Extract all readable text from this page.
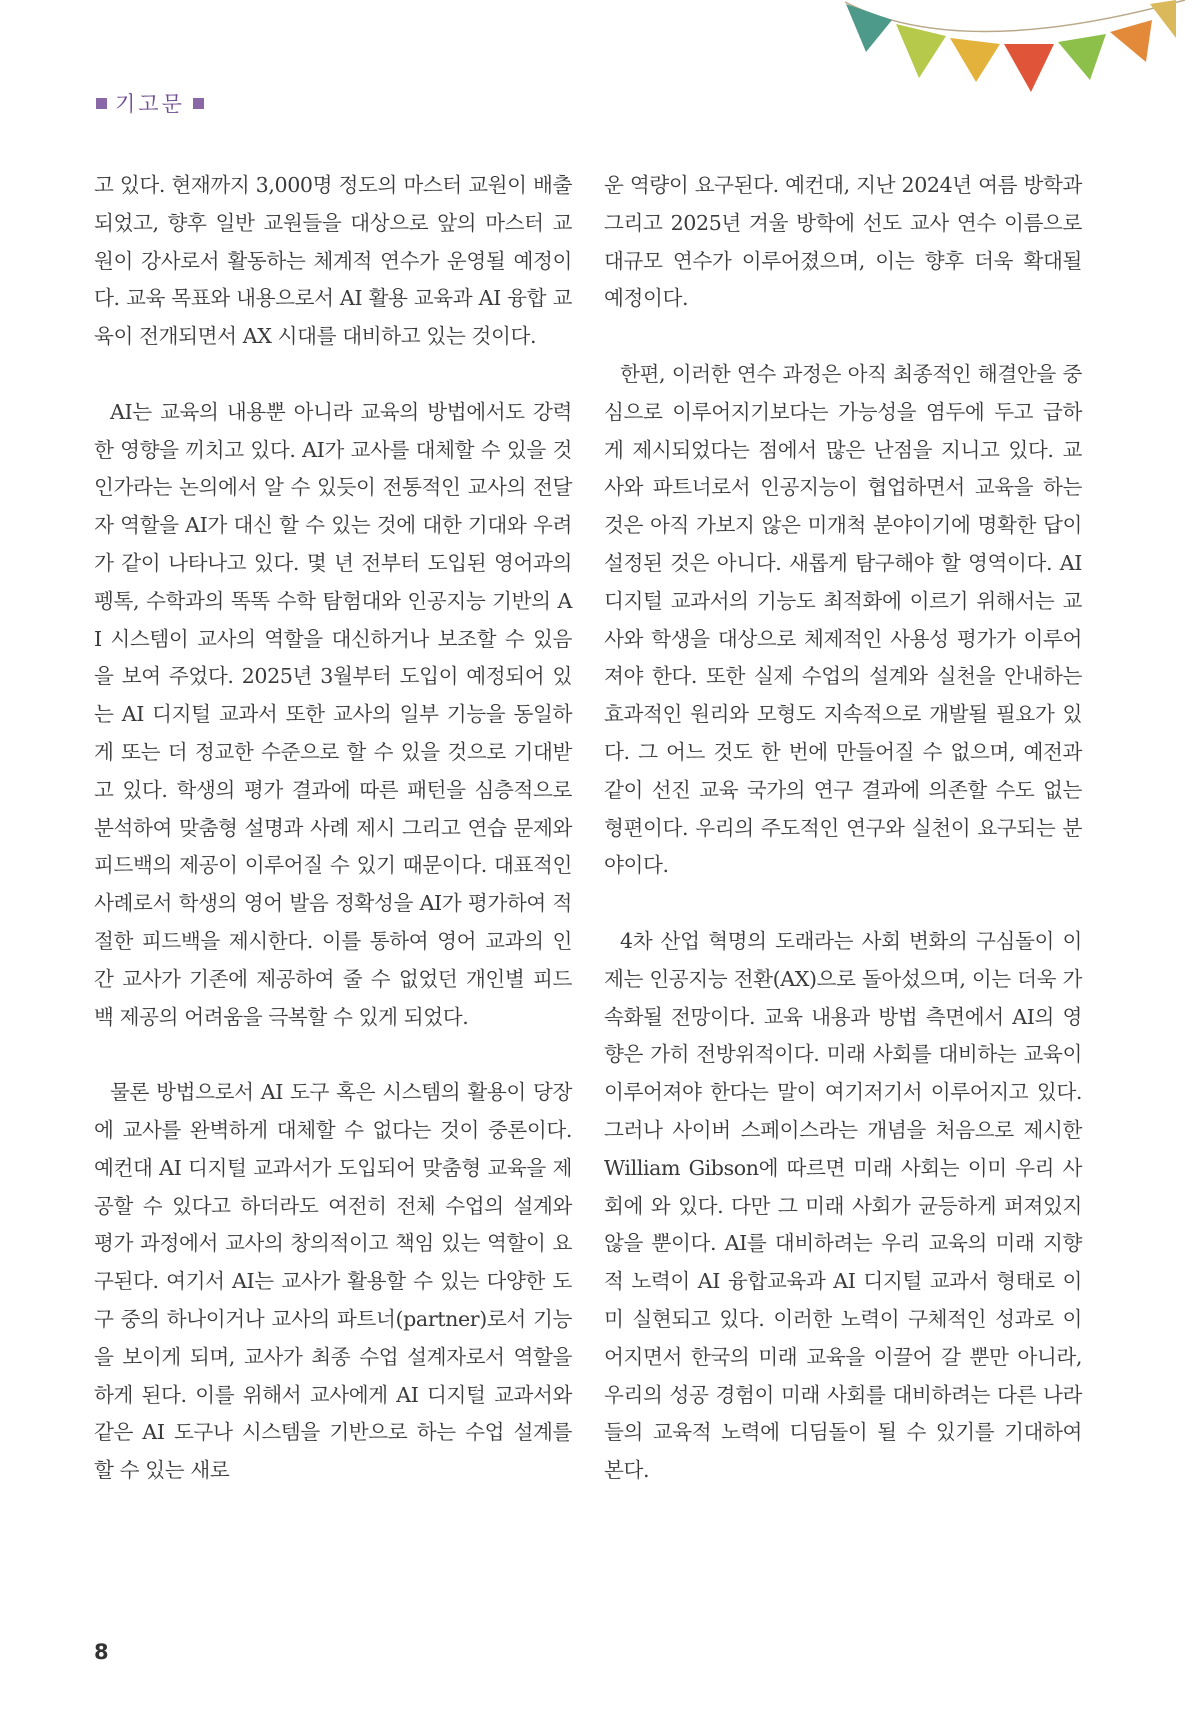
기고문

고 있다. 현재까지 3,000명 정도의 마스터 교원이 배출되었고, 향후 일반 교원들을 대상으로 앞의 마스터 교원이 강사로서 활동하는 체계적 연수가 운영될 예정이다. 교육 목표와 내용으로서 AI 활용 교육과 AI 융합 교육이 전개되면서 AX 시대를 대비하고 있는 것이다.

AI는 교육의 내용뿐 아니라 교육의 방법에서도 강력한 영향을 끼치고 있다. AI가 교사를 대체할 수 있을 것인가라는 논의에서 알 수 있듯이 전통적인 교사의 전달자 역할을 AI가 대신 할 수 있는 것에 대한 기대와 우려가 같이 나타나고 있다. 몇 년 전부터 도입된 영어과의 펭톡, 수학과의 똑똑 수학 탐험대와 인공지능 기반의 AI 시스템이 교사의 역할을 대신하거나 보조할 수 있음을 보여 주었다. 2025년 3월부터 도입이 예정되어 있는 AI 디지털 교과서 또한 교사의 일부 기능을 동일하게 또는 더 정교한 수준으로 할 수 있을 것으로 기대받고 있다. 학생의 평가 결과에 따른 패턴을 심층적으로 분석하여 맞춤형 설명과 사례 제시 그리고 연습 문제와 피드백의 제공이 이루어질 수 있기 때문이다. 대표적인 사례로서 학생의 영어 발음 정확성을 AI가 평가하여 적절한 피드백을 제시한다. 이를 통하여 영어 교과의 인간 교사가 기존에 제공하여 줄 수 없었던 개인별 피드백 제공의 어려움을 극복할 수 있게 되었다.

물론 방법으로서 AI 도구 혹은 시스템의 활용이 당장에 교사를 완벽하게 대체할 수 없다는 것이 중론이다. 예컨대 AI 디지털 교과서가 도입되어 맞춤형 교육을 제공할 수 있다고 하더라도 여전히 전체 수업의 설계와 평가 과정에서 교사의 창의적이고 책임 있는 역할이 요구된다. 여기서 AI는 교사가 활용할 수 있는 다양한 도구 중의 하나이거나 교사의 파트너(partner)로서 기능을 보이게 되며, 교사가 최종 수업 설계자로서 역할을 하게 된다. 이를 위해서 교사에게 AI 디지털 교과서와 같은 AI 도구나 시스템을 기반으로 하는 수업 설계를 할 수 있는 새로

운 역량이 요구된다. 예컨대, 지난 2024년 여름 방학과 그리고 2025년 겨울 방학에 선도 교사 연수 이름으로 대규모 연수가 이루어졌으며, 이는 향후 더욱 확대될 예정이다.

한편, 이러한 연수 과정은 아직 최종적인 해결안을 중심으로 이루어지기보다는 가능성을 염두에 두고 급하게 제시되었다는 점에서 많은 난점을 지니고 있다. 교사와 파트너로서 인공지능이 협업하면서 교육을 하는 것은 아직 가보지 않은 미개척 분야이기에 명확한 답이 설정된 것은 아니다. 새롭게 탐구해야 할 영역이다. AI 디지털 교과서의 기능도 최적화에 이르기 위해서는 교사와 학생을 대상으로 체제적인 사용성 평가가 이루어져야 한다. 또한 실제 수업의 설계와 실천을 안내하는 효과적인 원리와 모형도 지속적으로 개발될 필요가 있다. 그 어느 것도 한 번에 만들어질 수 없으며, 예전과 같이 선진 교육 국가의 연구 결과에 의존할 수도 없는 형편이다. 우리의 주도적인 연구와 실천이 요구되는 분야이다.

4차 산업 혁명의 도래라는 사회 변화의 구심돌이 이제는 인공지능 전환(AX)으로 돌아섰으며, 이는 더욱 가속화될 전망이다. 교육 내용과 방법 측면에서 AI의 영향은 가히 전방위적이다. 미래 사회를 대비하는 교육이 이루어져야 한다는 말이 여기저기서 이루어지고 있다. 그러나 사이버 스페이스라는 개념을 처음으로 제시한 William Gibson에 따르면 미래 사회는 이미 우리 사회에 와 있다. 다만 그 미래 사회가 균등하게 퍼져있지 않을 뿐이다. AI를 대비하려는 우리 교육의 미래 지향적 노력이 AI 융합교육과 AI 디지털 교과서 형태로 이미 실현되고 있다. 이러한 노력이 구체적인 성과로 이어지면서 한국의 미래 교육을 이끌어 갈 뿐만 아니라, 우리의 성공 경험이 미래 사회를 대비하려는 다른 나라들의 교육적 노력에 디딤돌이 될 수 있기를 기대하여 본다.

8
